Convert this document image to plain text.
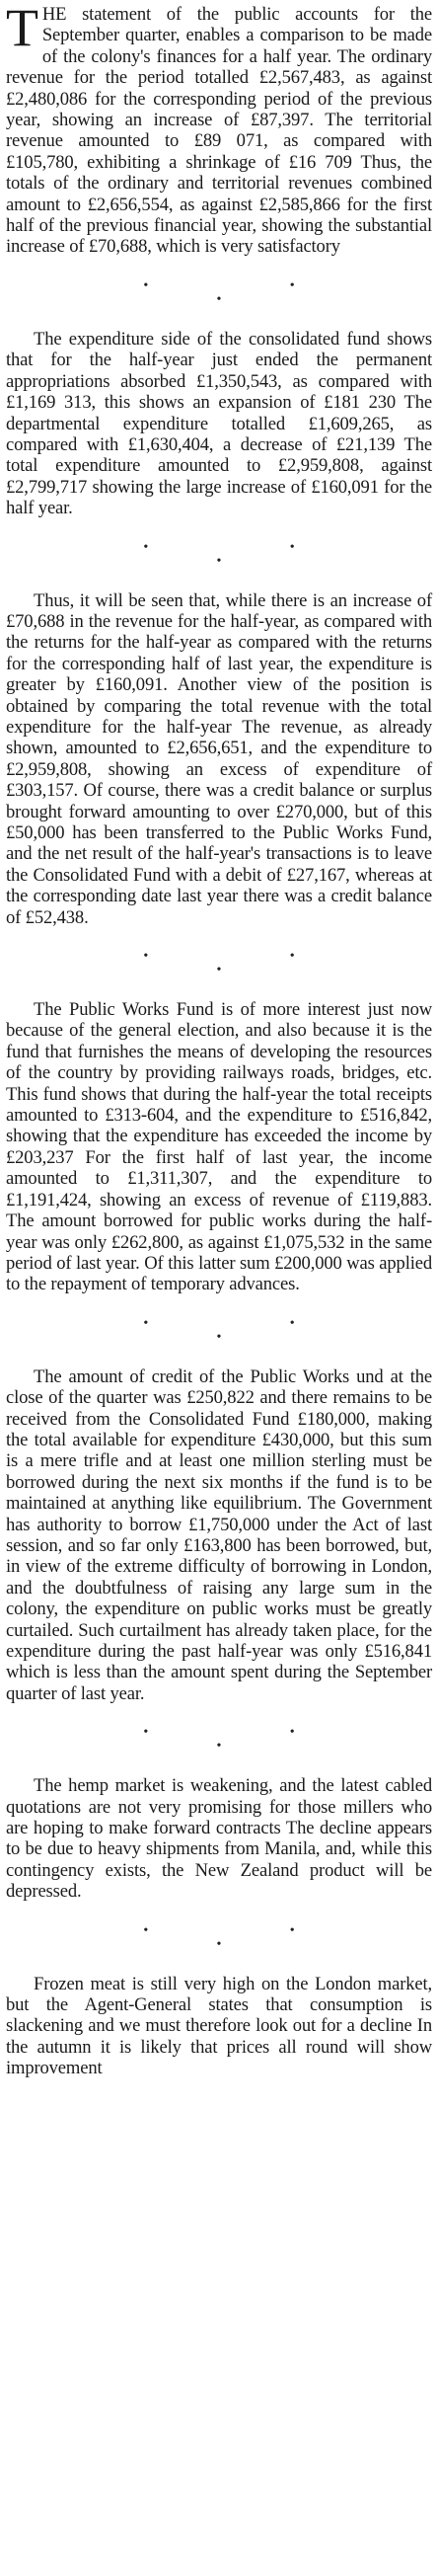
THE statement of the public accounts for the September quarter, enables a comparison to be made of the colony's finances for a half year. The ordinary revenue for the period totalled £2,567,483, as against £2,480,086 for the corresponding period of the previous year, showing an increase of £87,397. The territorial revenue amounted to £89 071, as compared with £105,780, exhibiting a shrinkage of £16 709 Thus, the totals of the ordinary and territorial revenues combined amount to £2,656,554, as against £2,585,866 for the first half of the previous financial year, showing the substantial increase of £70,688, which is very satisfactory

• • •

The expenditure side of the consolidated fund shows that for the half-year just ended the permanent appropriations absorbed £1,350,543, as compared with £1,169 313, this shows an expansion of £181 230 The departmental expenditure totalled £1,609,265, as compared with £1,630,404, a decrease of £21,139 The total expenditure amounted to £2,959,808, against £2,799,717 showing the large increase of £160,091 for the half year.

• • •

Thus, it will be seen that, while there is an increase of £70,688 in the revenue for the half-year, as compared with the returns for the half-year as compared with the returns for the corresponding half of last year, the expenditure is greater by £160,091. Another view of the position is obtained by comparing the total revenue with the total expenditure for the half-year The revenue, as already shown, amounted to £2,656,651, and the expenditure to £2,959,808, showing an excess of expenditure of £303,157. Of course, there was a credit balance or surplus brought forward amounting to over £270,000, but of this £50,000 has been transferred to the Public Works Fund, and the net result of the half-year's transactions is to leave the Consolidated Fund with a debit of £27,167, whereas at the corresponding date last year there was a credit balance of £52,438.

• • •

The Public Works Fund is of more interest just now because of the general election, and also because it is the fund that furnishes the means of developing the resources of the country by providing railways roads, bridges, etc. This fund shows that during the half-year the total receipts amounted to £313-604, and the expenditure to £516,842, showing that the expenditure has exceeded the income by £203,237 For the first half of last year, the income amounted to £1,311,307, and the expenditure to £1,191,424, showing an excess of revenue of £119,883. The amount borrowed for public works during the half-year was only £262,800, as against £1,075,532 in the same period of last year. Of this latter sum £200,000 was applied to the repayment of temporary advances.

• • •

The amount of credit of the Public Works und at the close of the quarter was £250,822 and there remains to be received from the Consolidated Fund £180,000, making the total available for expenditure £430,000, but this sum is a mere trifle and at least one million sterling must be borrowed during the next six months if the fund is to be maintained at anything like equilibrium. The Government has authority to borrow £1,750,000 under the Act of last session, and so far only £163,800 has been borrowed, but, in view of the extreme difficulty of borrowing in London, and the doubtfulness of raising any large sum in the colony, the expenditure on public works must be greatly curtailed. Such curtailment has already taken place, for the expenditure during the past half-year was only £516,841 which is less than the amount spent during the September quarter of last year.

• • •

The hemp market is weakening, and the latest cabled quotations are not very promising for those millers who are hoping to make forward contracts The decline appears to be due to heavy shipments from Manila, and, while this contingency exists, the New Zealand product will be depressed.

• • •

Frozen meat is still very high on the London market, but the Agent-General states that consumption is slackening and we must therefore look out for a decline In the autumn it is likely that prices all round will show improvement
